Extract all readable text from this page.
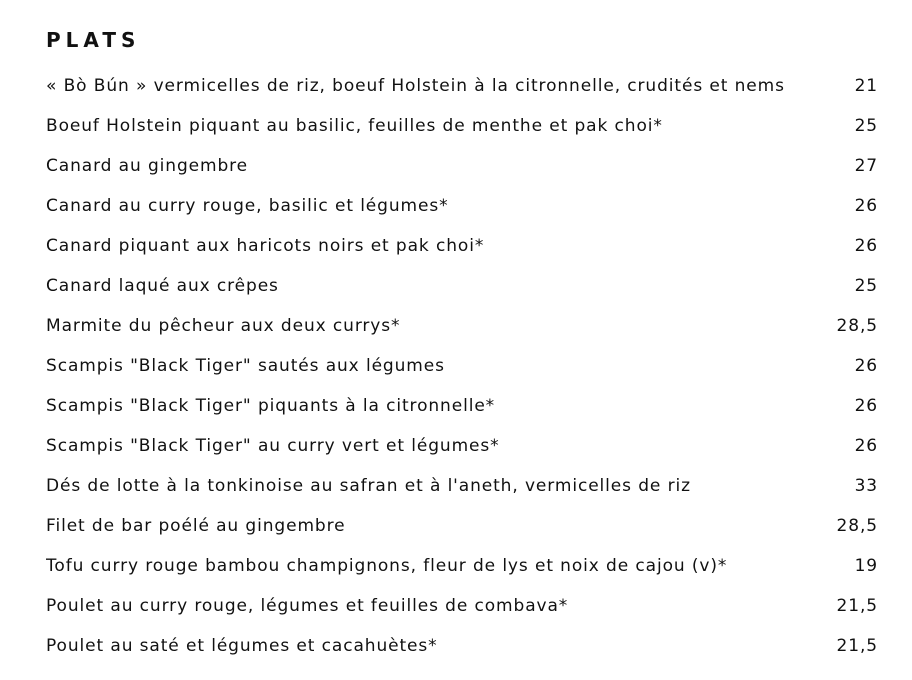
PLATS
« Bò Bún » vermicelles de riz, boeuf Holstein à la citronnelle, crudités et nems	21
Boeuf Holstein piquant au basilic, feuilles de menthe et pak choi*	25
Canard au gingembre	27
Canard au curry rouge, basilic et légumes*	26
Canard piquant aux haricots noirs et pak choi*	26
Canard laqué aux crêpes	25
Marmite du pêcheur aux deux currys*	28,5
Scampis "Black Tiger" sautés aux légumes	26
Scampis "Black Tiger" piquants à la citronnelle*	26
Scampis "Black Tiger" au curry vert et légumes*	26
Dés de lotte à la tonkinoise au safran et à l'aneth, vermicelles de riz	33
Filet de bar poélé au gingembre	28,5
Tofu curry rouge bambou champignons, fleur de lys et noix de cajou (v)*	19
Poulet au curry rouge, légumes et feuilles de combava*	21,5
Poulet au saté et légumes et cacahuètes*	21,5
